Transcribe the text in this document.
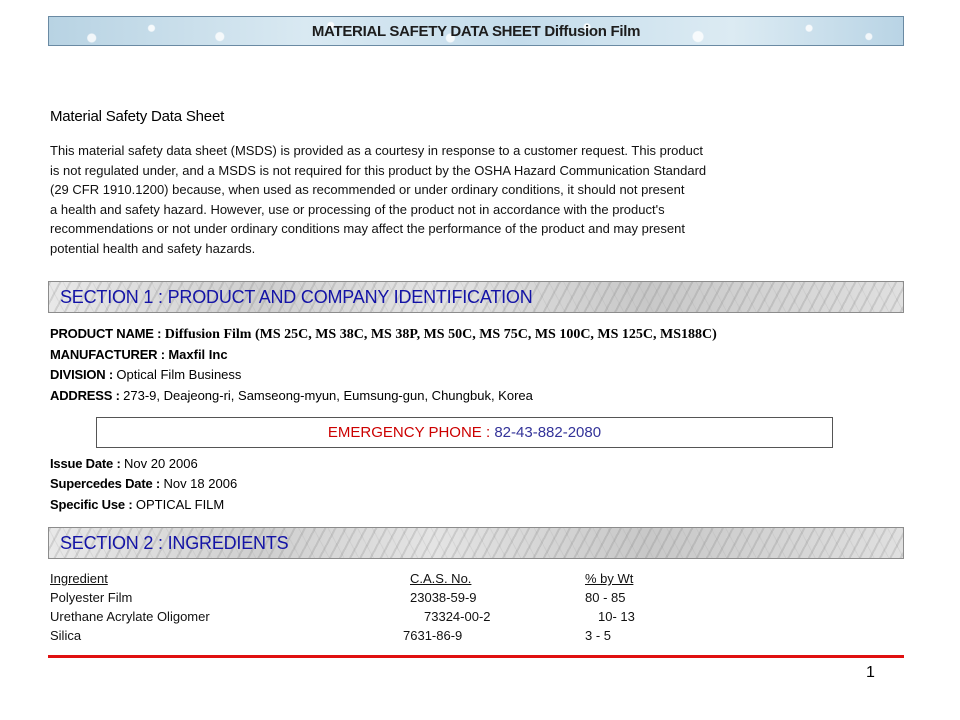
MATERIAL SAFETY DATA SHEET Diffusion Film
Material Safety Data Sheet
This material safety data sheet (MSDS) is provided as a courtesy in response to a customer request. This product
is not regulated under, and a MSDS is not required for this product by the OSHA Hazard Communication Standard
(29 CFR 1910.1200) because, when used as recommended or under ordinary conditions, it should not present
a health and safety hazard. However, use or processing of the product not in accordance with the product's
recommendations or not under ordinary conditions may affect the performance of the product and may present
potential health and safety hazards.
SECTION 1 : PRODUCT AND COMPANY IDENTIFICATION
PRODUCT NAME : Diffusion Film (MS 25C, MS 38C, MS 38P, MS 50C, MS 75C, MS 100C, MS 125C, MS188C)
MANUFACTURER : Maxfil Inc
DIVISION : Optical Film Business
ADDRESS : 273-9, Deajeong-ri, Samseong-myun, Eumsung-gun, Chungbuk, Korea
EMERGENCY PHONE : 82-43-882-2080
Issue Date : Nov 20 2006
Supercedes Date : Nov 18 2006
Specific Use : OPTICAL FILM
SECTION 2 : INGREDIENTS
Ingredient	C.A.S. No.	% by Wt
Polyester Film	23038-59-9	80 - 85
Urethane Acrylate Oligomer	73324-00-2	10- 13
Silica	7631-86-9	3 - 5
1
